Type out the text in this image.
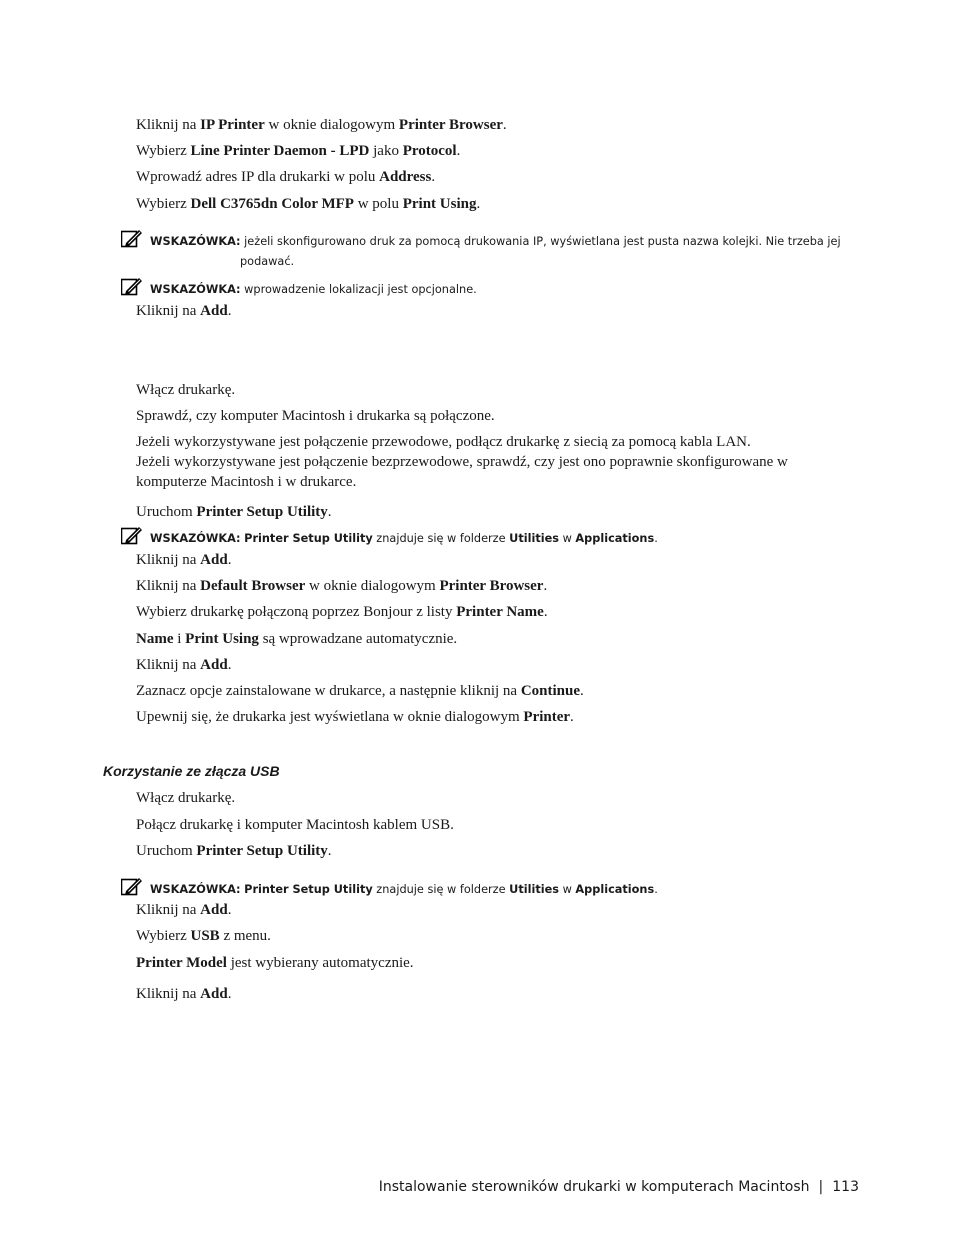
Kliknij na IP Printer w oknie dialogowym Printer Browser.
Wybierz Line Printer Daemon - LPD jako Protocol.
Wprowadź adres IP dla drukarki w polu Address.
Wybierz Dell C3765dn Color MFP w polu Print Using.
WSKAZÓWKA: jeżeli skonfigurowano druk za pomocą drukowania IP, wyświetlana jest pusta nazwa kolejki. Nie trzeba jej
podawać.
WSKAZÓWKA: wprowadzenie lokalizacji jest opcjonalne.
Kliknij na Add.
Włącz drukarkę.
Sprawdź, czy komputer Macintosh i drukarka są połączone.
Jeżeli wykorzystywane jest połączenie przewodowe, podłącz drukarkę z siecią za pomocą kabla LAN.
Jeżeli wykorzystywane jest połączenie bezprzewodowe, sprawdź, czy jest ono poprawnie skonfigurowane w komputerze Macintosh i w drukarce.
Uruchom Printer Setup Utility.
WSKAZÓWKA: Printer Setup Utility znajduje się w folderze Utilities w Applications.
Kliknij na Add.
Kliknij na Default Browser w oknie dialogowym Printer Browser.
Wybierz drukarkę połączoną poprzez Bonjour z listy Printer Name.
Name i Print Using są wprowadzane automatycznie.
Kliknij na Add.
Zaznacz opcje zainstalowane w drukarce, a następnie kliknij na Continue.
Upewnij się, że drukarka jest wyświetlana w oknie dialogowym Printer.
Korzystanie ze złącza USB
Włącz drukarkę.
Połącz drukarkę i komputer Macintosh kablem USB.
Uruchom Printer Setup Utility.
WSKAZÓWKA: Printer Setup Utility znajduje się w folderze Utilities w Applications.
Kliknij na Add.
Wybierz USB z menu.
Printer Model jest wybierany automatycznie.
Kliknij na Add.
Instalowanie sterowników drukarki w komputerach Macintosh | 113
